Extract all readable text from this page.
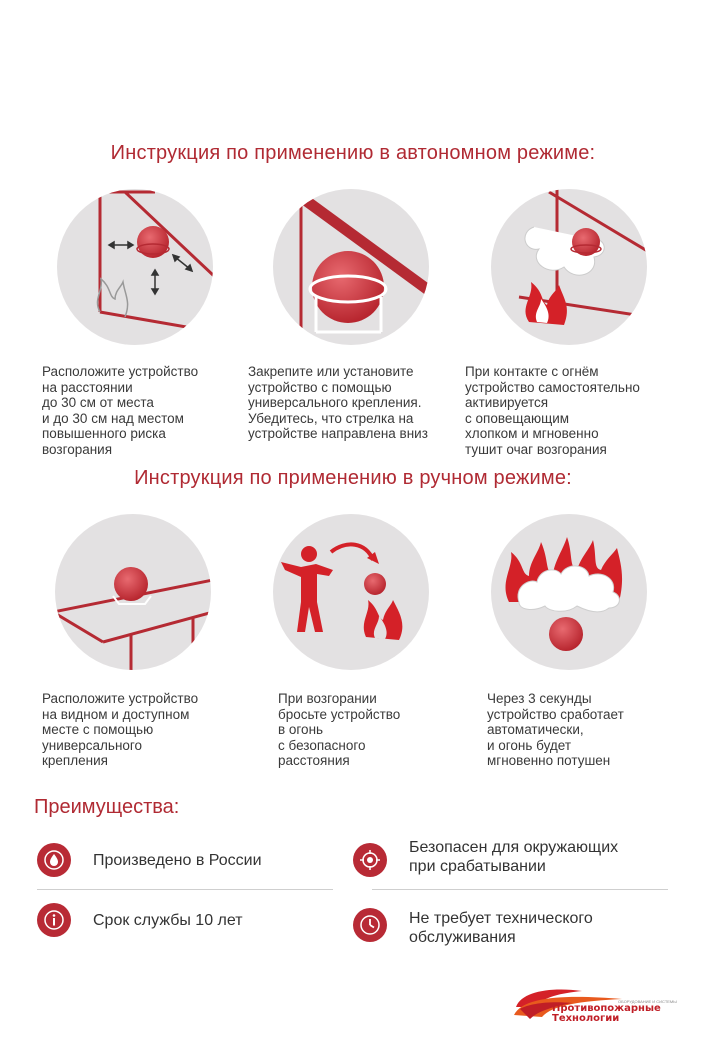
Инструкция по применению в автономном режиме:
Расположите устройство
на расстоянии
до 30 см от места
и до 30 см над местом
повышенного риска
возгорания
Закрепите или установите
устройство с помощью
универсального крепления.
Убедитесь, что стрелка на
устройстве направлена вниз
При контакте с огнём
устройство самостоятельно
активируется
с оповещающим
хлопком и мгновенно
тушит очаг возгорания
Инструкция по применению в ручном режиме:
Расположите устройство
на видном и доступном
месте с помощью
универсального
крепления
При возгорании
бросьте устройство
в огонь
с безопасного
расстояния
Через 3 секунды
устройство сработает
автоматически,
и огонь будет
мгновенно потушен
Преимущества:
Произведено в России
Безопасен для окружающих
при срабатывании
Срок службы 10 лет	Не требует технического
обслуживания
ОБОРУДОВАНИЕ И СИСТЕМЫ
Противопожарные
Технологии
